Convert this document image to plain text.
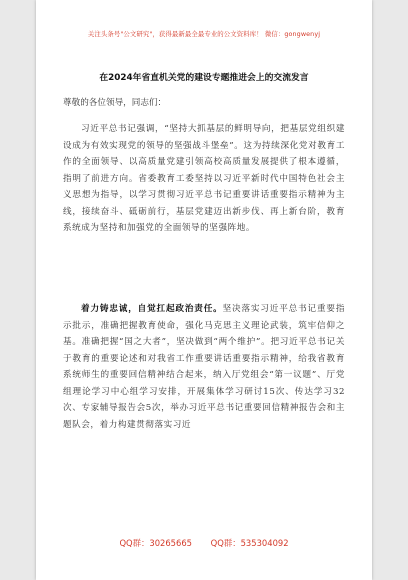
关注头条号"公文研究"，获得最新最全最专业的公文资料库！ 微信：gongwenyj
在2024年省直机关党的建设专题推进会上的交流发言
尊敬的各位领导，同志们：

习近平总书记强调，“坚持大抓基层的鲜明导向，把基层党组织建设成为有效实现党的领导的坚强战斗堡垒”。这为持续深化党对教育工作的全面领导、以高质量党建引领高校高质量发展提供了根本遵循，指明了前进方向。省委教育工委坚持以习近平新时代中国特色社会主义思想为指导，以学习贯彻习近平总书记重要讲话重要指示精神为主线，接续奋斗、砥砺前行，基层党建迈出新步伐、再上新台阶，教育系统成为坚持和加强党的全面领导的坚强阵地。

着力铸忠诚，自觉扛起政治责任。坚决落实习近平总书记重要指示批示，准确把握教育使命，强化马克思主义理论武装，筑牢信仰之基。准确把握“国之大者”，坚决做到“两个维护”。把习近平总书记关于教育的重要论述和对我省工作重要讲话重要指示精神，给我省教育系统师生的重要回信精神结合起来，纳入厅党组会“第一议题”、厅党组理论学习中心组学习安排，开展集体学习研讨15次、传达学习32次、专家辅导报告会5次，举办习近平总书记重要回信精神报告会和主题队会，着力构建贯彻落实习近

QQ群：30265665 QQ群：535304092
